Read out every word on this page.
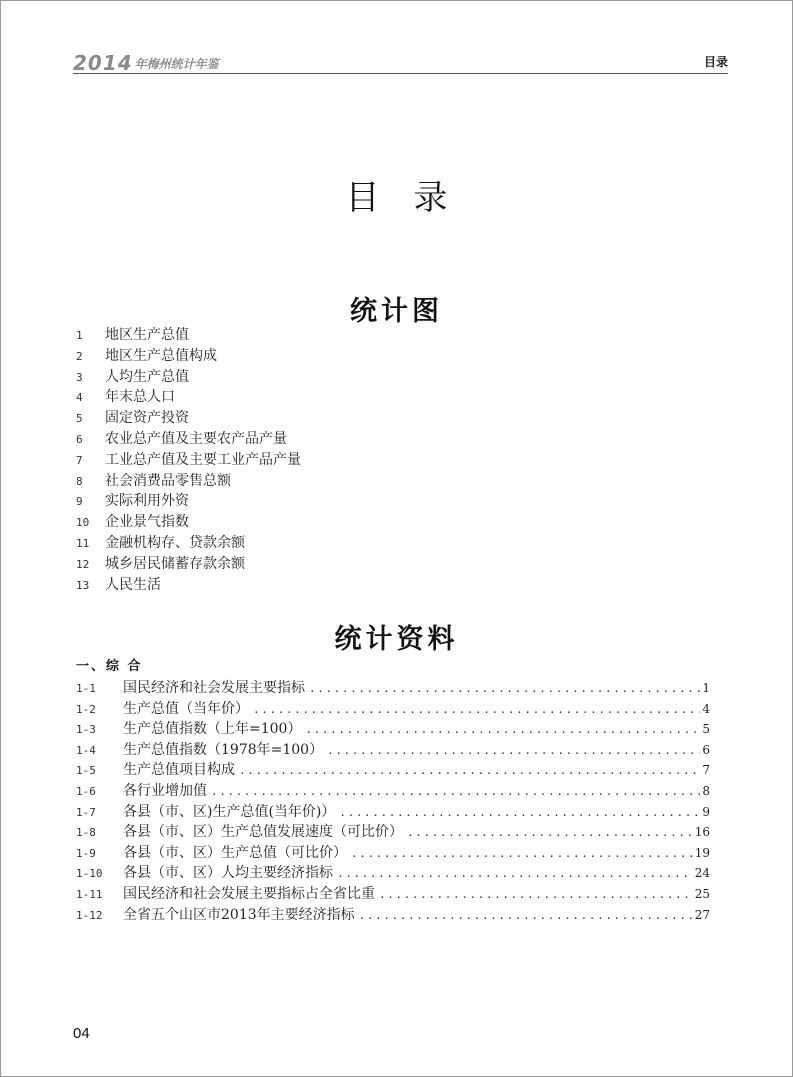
2014 年梅州统计年鉴	目录
目录
统计图
1 地区生产总值
2 地区生产总值构成
3 人均生产总值
4 年末总人口
5 固定资产投资
6 农业总产值及主要农产品产量
7 工业总产值及主要工业产品产量
8 社会消费品零售总额
9 实际利用外资
10 企业景气指数
11 金融机构存、贷款余额
12 城乡居民储蓄存款余额
13 人民生活
统计资料
一、综 合
1-1	国民经济和社会发展主要指标 .....	1
1-2	生产总值（当年价） .....	4
1-3	生产总值指数（上年=100） .....	5
1-4	生产总值指数（1978年=100） .....	6
1-5	生产总值项目构成 .....	7
1-6	各行业增加值 .....	8
1-7	各县（市、区)生产总值(当年价)） .....	9
1-8	各县（市、区）生产总值发展速度（可比价） .....	16
1-9	各县（市、区）生产总值（可比价） .....	19
1-10	各县（市、区）人均主要经济指标 .....	24
1-11	国民经济和社会发展主要指标占全省比重 .....	25
1-12	全省五个山区市2013年主要经济指标 .....	27
04
